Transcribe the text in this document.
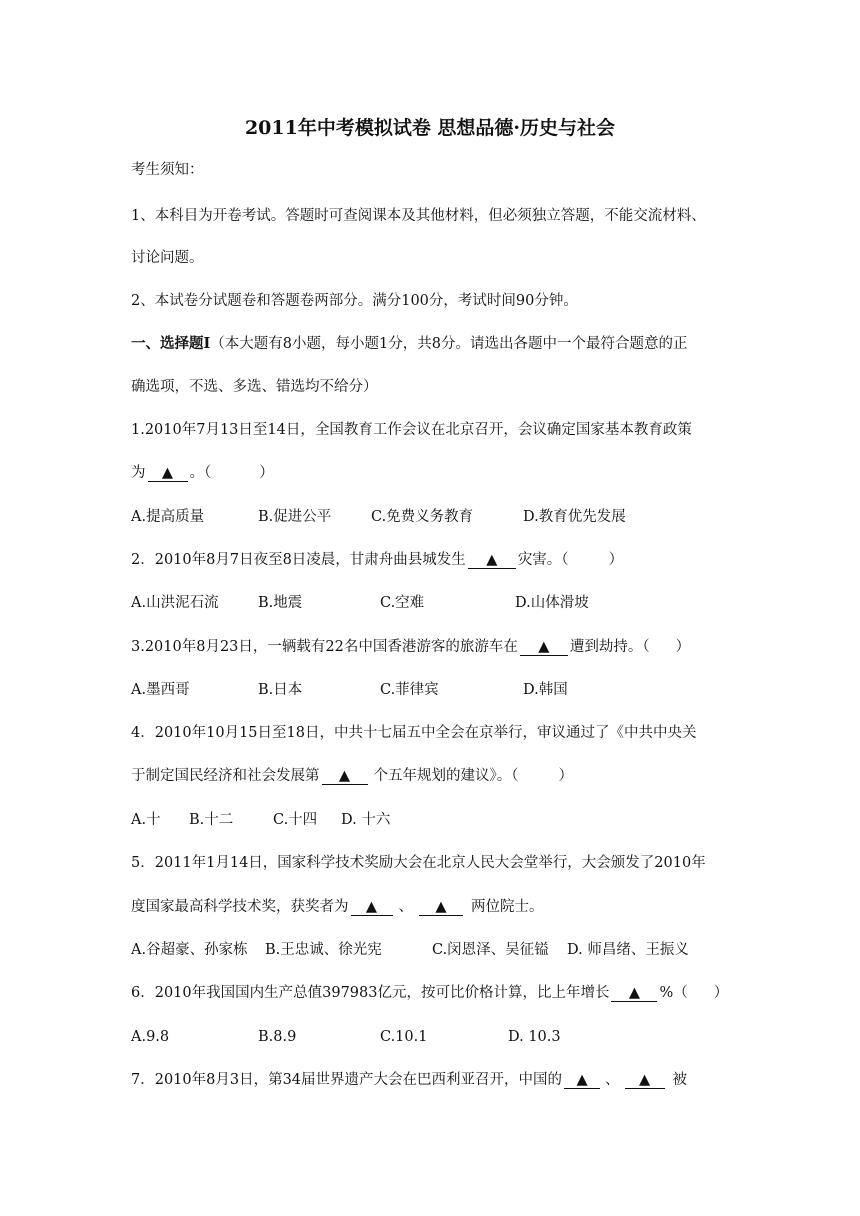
2011年中考模拟试卷 思想品德·历史与社会
考生须知：
1、本科目为开卷考试。答题时可查阅课本及其他材料，但必须独立答题，不能交流材料、
讨论问题。
2、本试卷分试题卷和答题卷两部分。满分100分，考试时间90分钟。
一、选择题Ⅰ（本大题有8小题，每小题1分，共8分。请选出各题中一个最符合题意的正
确选项，不选、多选、错选均不给分）
1.2010年7月13日至14日，全国教育工作会议在北京召开，会议确定国家基本教育政策
为 ▲ 。（	）
A.提高质量	B.促进公平	C.免费义务教育	D.教育优先发展
2．2010年8月7日夜至8日凌晨，甘肃舟曲县城发生 ▲ 灾害。（	）
A.山洪泥石流	B.地震	C.空难	D.山体滑坡
3.2010年8月23日，一辆载有22名中国香港游客的旅游车在 ▲ 遭到劫持。（ ）
A.墨西哥	B.日本	C.菲律宾	D.韩国
4．2010年10月15日至18日，中共十七届五中全会在京举行，审议通过了《中共中央关
于制定国民经济和社会发展第 ▲ 个五年规划的建议》。（	）
A.十 B.十二	C.十四 D. 十六
5．2011年1月14日，国家科学技术奖励大会在北京人民大会堂举行，大会颁发了2010年
度国家最高科学技术奖，获奖者为 ▲ 、 ▲ 两位院士。
A.谷超豪、孙家栋 B.王忠诚、徐光宪	C.闵恩泽、吴征镒 D. 师昌绪、王振义
6．2010年我国国内生产总值397983亿元，按可比价格计算，比上年增长 ▲ %（ ）
A.9.8	B.8.9	C.10.1	D. 10.3
7．2010年8月3日，第34届世界遗产大会在巴西利亚召开，中国的 ▲ 、 ▲ 被
